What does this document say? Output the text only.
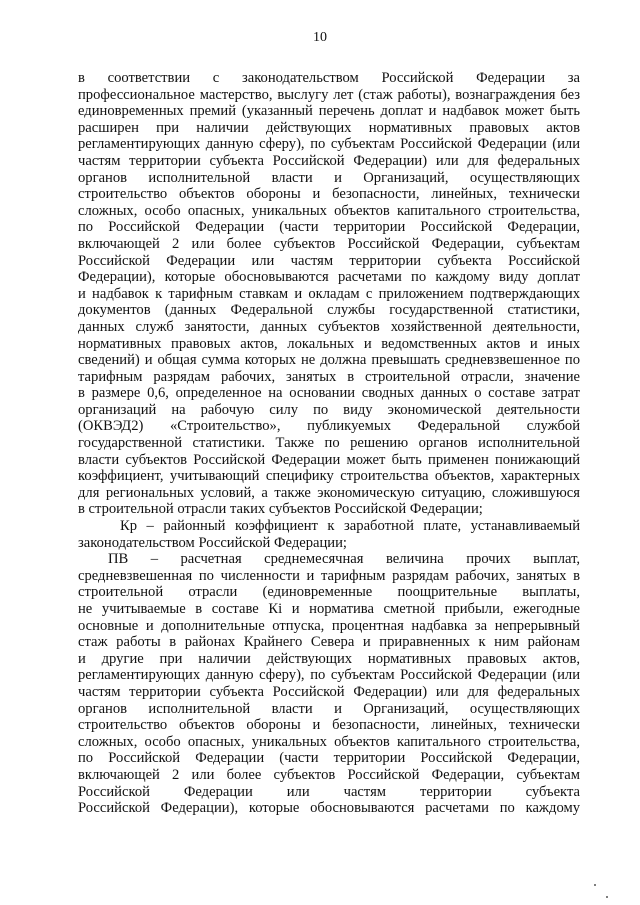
10
в соответствии с законодательством Российской Федерации за
профессиональное мастерство, выслугу лет (стаж работы), вознаграждения без
единовременных премий (указанный перечень доплат и надбавок может быть
расширен при наличии действующих нормативных правовых актов
регламентирующих данную сферу), по субъектам Российской Федерации (или
частям территории субъекта Российской Федерации) или для федеральных
органов исполнительной власти и Организаций, осуществляющих
строительство объектов обороны и безопасности, линейных, технически
сложных, особо опасных, уникальных объектов капитального строительства,
по Российской Федерации (части территории Российской Федерации,
включающей 2 или более субъектов Российской Федерации, субъектам
Российской Федерации или частям территории субъекта Российской
Федерации), которые обосновываются расчетами по каждому виду доплат
и надбавок к тарифным ставкам и окладам с приложением подтверждающих
документов (данных Федеральной службы государственной статистики,
данных служб занятости, данных субъектов хозяйственной деятельности,
нормативных правовых актов, локальных и ведомственных актов и иных
сведений) и общая сумма которых не должна превышать средневзвешенное по
тарифным разрядам рабочих, занятых в строительной отрасли, значение
в размере 0,6, определенное на основании сводных данных о составе затрат
организаций на рабочую силу по виду экономической деятельности
(ОКВЭД2) «Строительство», публикуемых Федеральной службой
государственной статистики. Также по решению органов исполнительной
власти субъектов Российской Федерации может быть применен понижающий
коэффициент, учитывающий специфику строительства объектов, характерных
для региональных условий, а также экономическую ситуацию, сложившуюся
в строительной отрасли таких субъектов Российской Федерации;
Кр – районный коэффициент к заработной плате, устанавливаемый
законодательством Российской Федерации;
ПВ – расчетная среднемесячная величина прочих выплат,
средневзвешенная по численности и тарифным разрядам рабочих, занятых в
строительной отрасли (единовременные поощрительные выплаты,
не учитываемые в составе Кi и норматива сметной прибыли, ежегодные
основные и дополнительные отпуска, процентная надбавка за непрерывный
стаж работы в районах Крайнего Севера и приравненных к ним районам
и другие при наличии действующих нормативных правовых актов,
регламентирующих данную сферу), по субъектам Российской Федерации (или
частям территории субъекта Российской Федерации) или для федеральных
органов исполнительной власти и Организаций, осуществляющих
строительство объектов обороны и безопасности, линейных, технически
сложных, особо опасных, уникальных объектов капитального строительства,
по Российской Федерации (части территории Российской Федерации,
включающей 2 или более субъектов Российской Федерации, субъектам
Российской Федерации или частям территории субъекта
Российской Федерации), которые обосновываются расчетами по каждому
